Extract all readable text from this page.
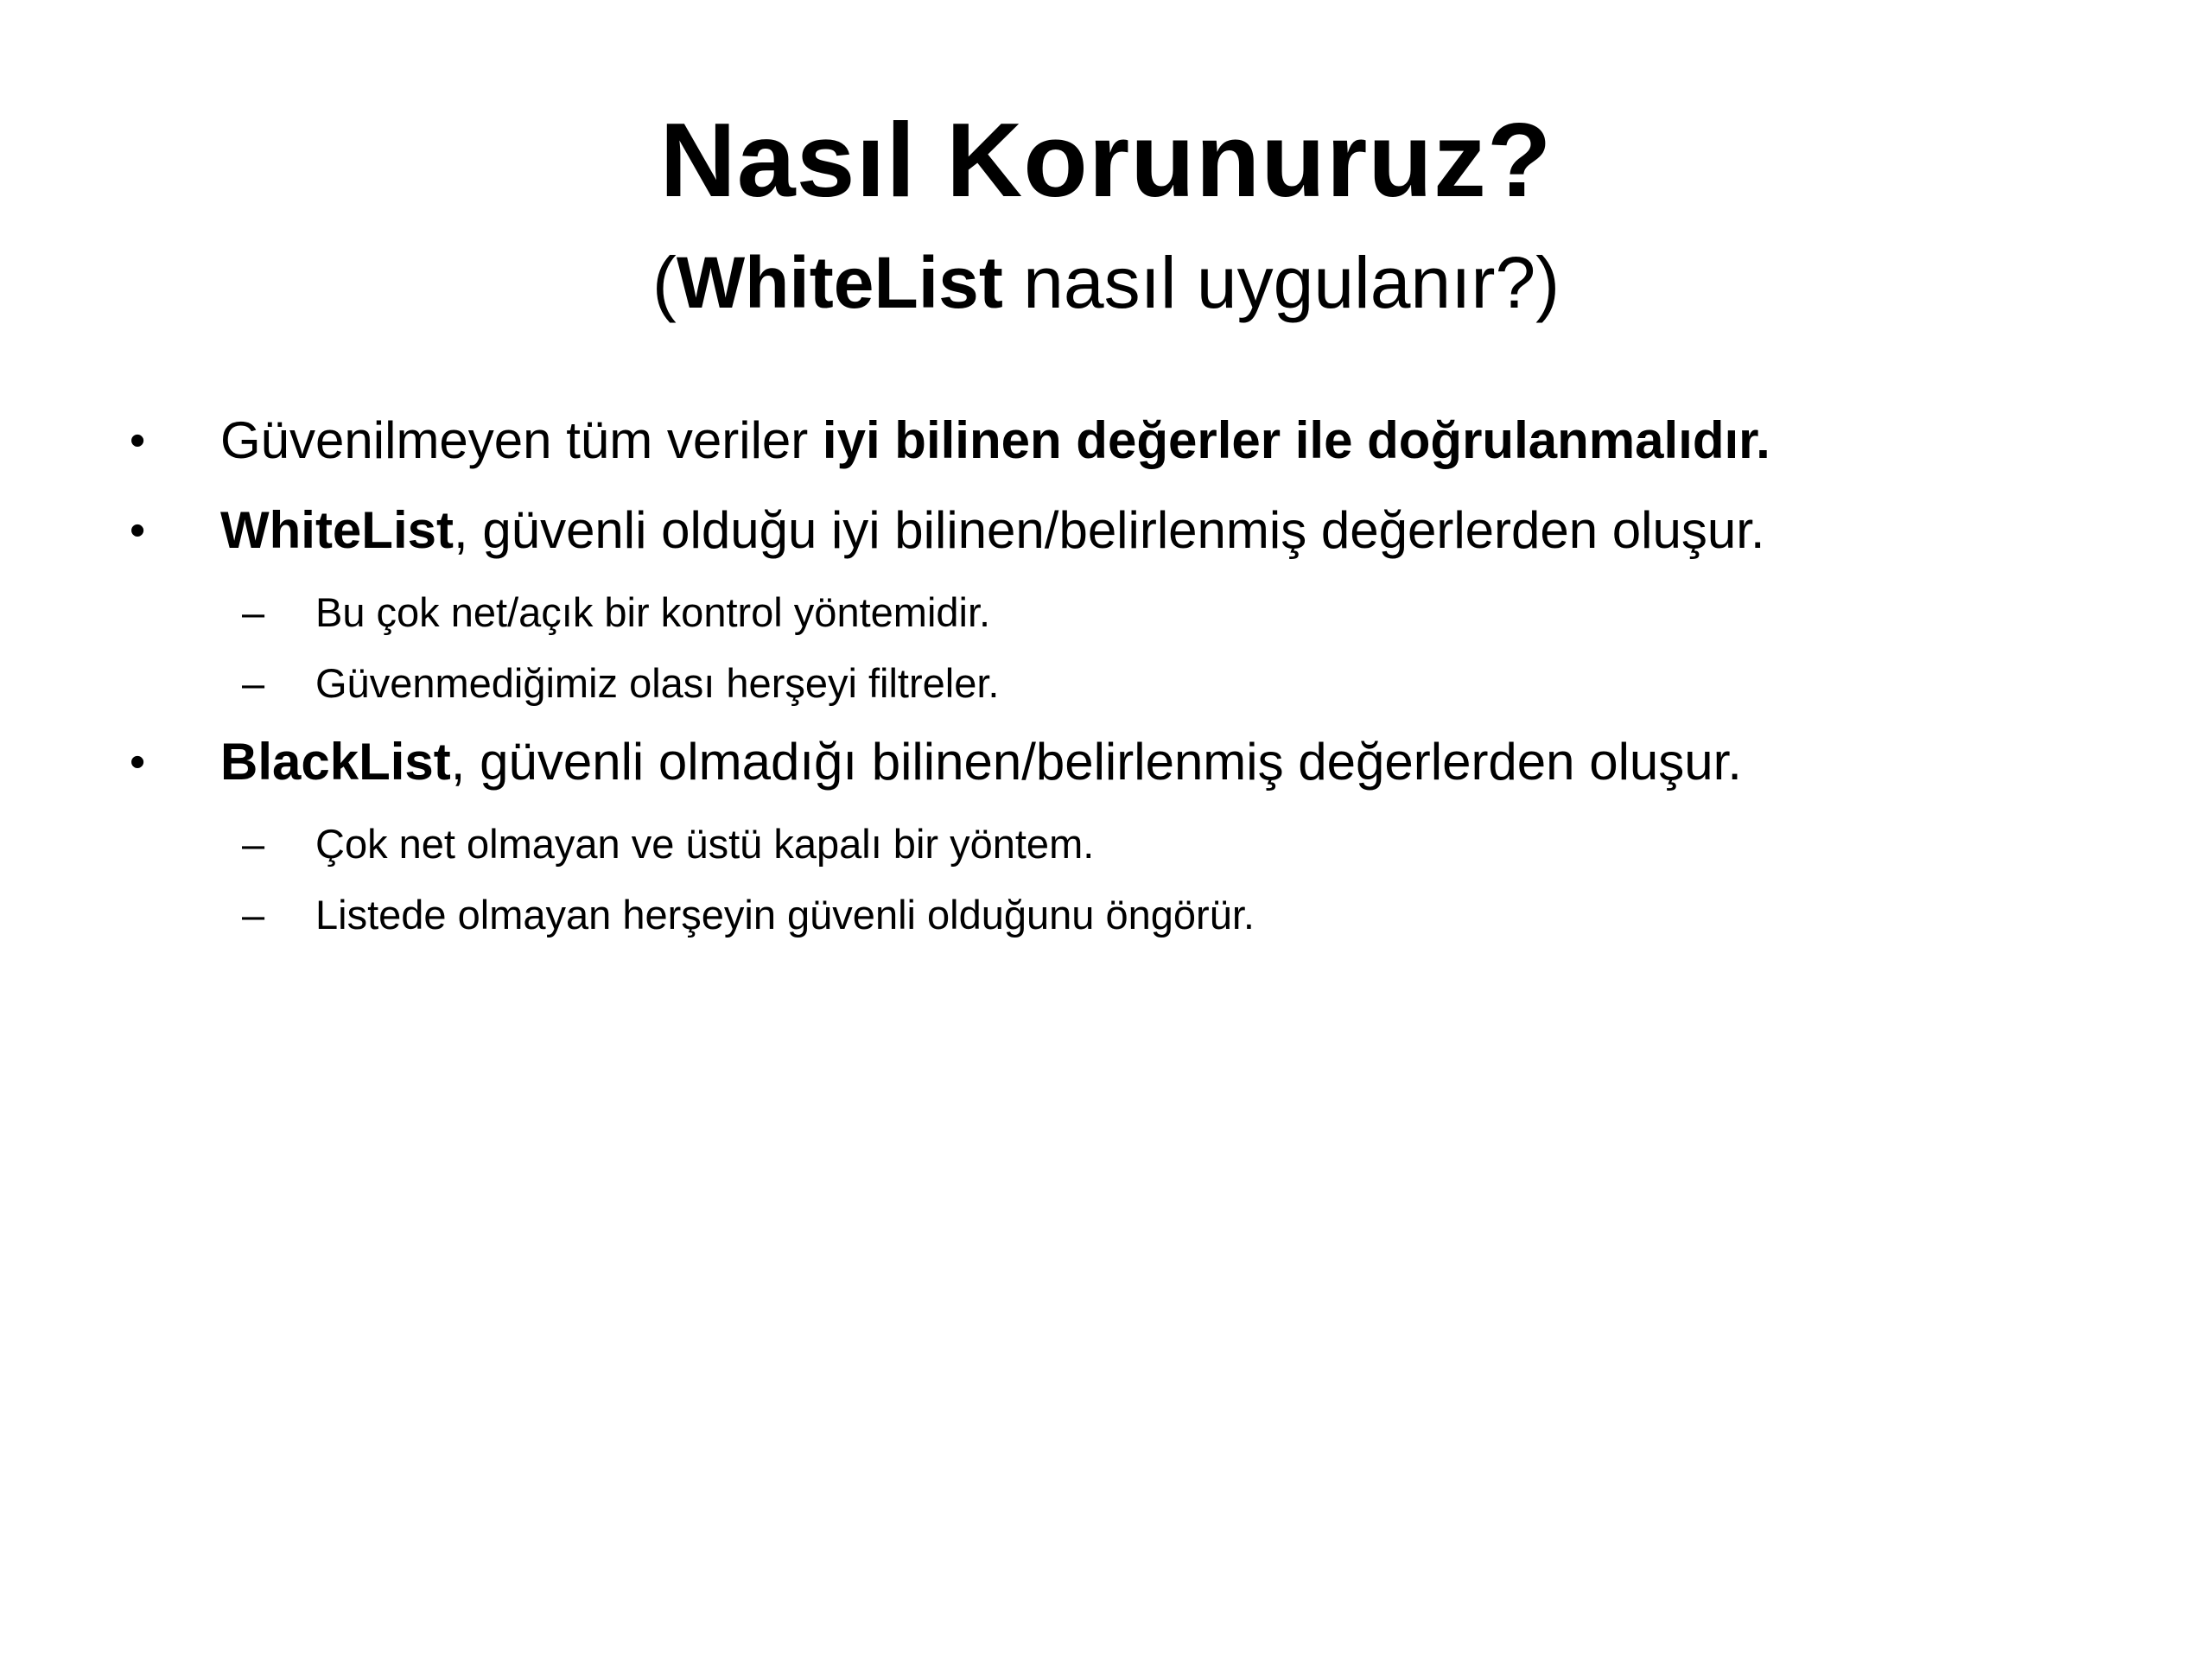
Nasıl Korunuruz?
(WhiteList nasıl uygulanır?)
•	Güvenilmeyen tüm veriler iyi bilinen değerler ile doğrulanmalıdır.
•	WhiteList, güvenli olduğu iyi bilinen/belirlenmiş değerlerden oluşur.
–	Bu çok net/açık bir kontrol yöntemidir.
–	Güvenmediğimiz olası herşeyi filtreler.
•	BlackList, güvenli olmadığı bilinen/belirlenmiş değerlerden oluşur.
–	Çok net olmayan ve üstü kapalı bir yöntem.
–	Listede olmayan herşeyin güvenli olduğunu öngörür.
